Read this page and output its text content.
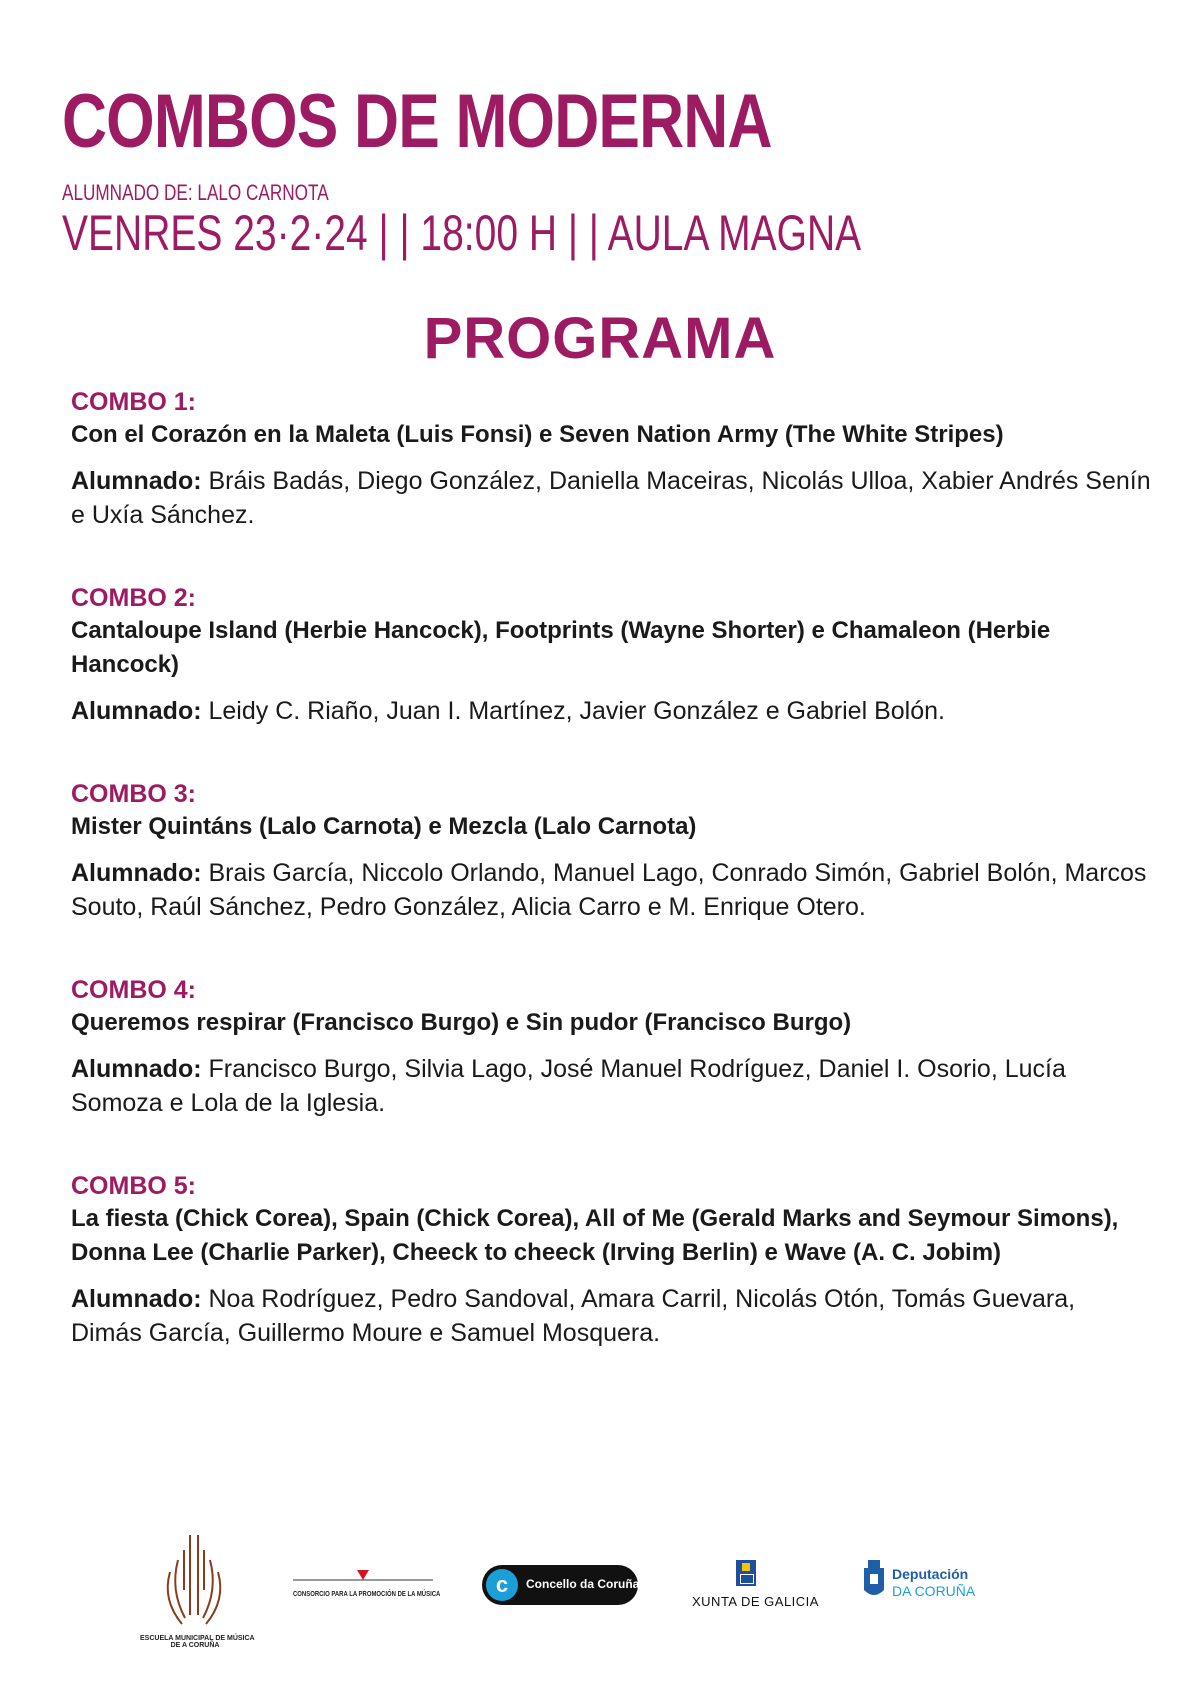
COMBOS DE MODERNA
ALUMNADO DE: LALO CARNOTA
VENRES 23·2·24 | | 18:00 H | | AULA MAGNA
PROGRAMA
COMBO 1:
Con el Corazón en la Maleta (Luis Fonsi) e Seven Nation Army (The White Stripes)
Alumnado: Bráis Badás, Diego González, Daniella Maceiras, Nicolás Ulloa, Xabier Andrés Senín e Uxía Sánchez.
COMBO 2:
Cantaloupe Island (Herbie Hancock), Footprints (Wayne Shorter) e Chamaleon (Herbie Hancock)
Alumnado: Leidy C. Riaño, Juan I. Martínez, Javier González e Gabriel Bolón.
COMBO 3:
Mister Quintáns (Lalo Carnota) e Mezcla (Lalo Carnota)
Alumnado: Brais García, Niccolo Orlando, Manuel Lago, Conrado Simón, Gabriel Bolón, Marcos Souto, Raúl Sánchez, Pedro González, Alicia Carro e M. Enrique Otero.
COMBO 4:
Queremos respirar (Francisco Burgo) e Sin pudor (Francisco Burgo)
Alumnado: Francisco Burgo, Silvia Lago, José Manuel Rodríguez, Daniel I. Osorio, Lucía Somoza e Lola de la Iglesia.
COMBO 5:
La fiesta (Chick Corea), Spain (Chick Corea), All of Me (Gerald Marks and Seymour Simons), Donna Lee (Charlie Parker), Cheeck to cheeck (Irving Berlin) e Wave (A. C. Jobim)
Alumnado: Noa Rodríguez, Pedro Sandoval, Amara Carril, Nicolás Otón, Tomás Guevara, Dimás García, Guillermo Moure e Samuel Mosquera.
ESCUELA MUNICIPAL DE MÚSICA
DE A CORUÑA
CONSORCIO PARA LA PROMOCIÓN DE LA MÚSICA	c	Concello da Coruña
XUNTA DE GALICIA
Deputación
DA CORUÑA
